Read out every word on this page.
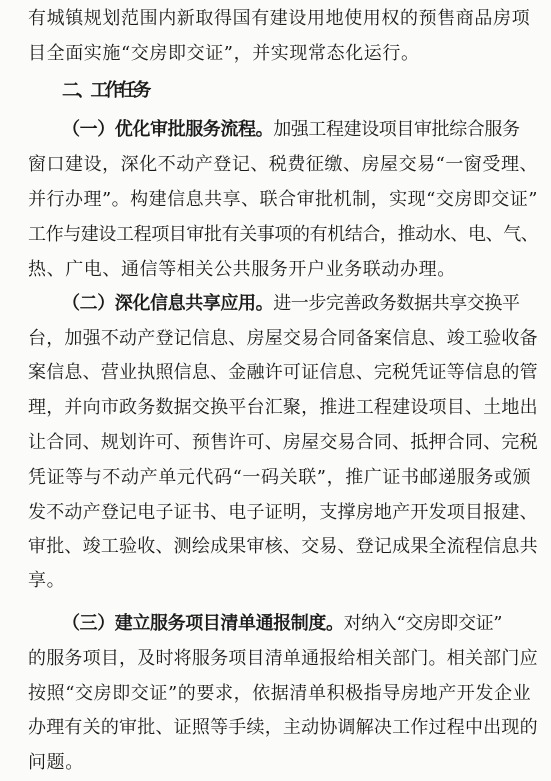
有城镇规划范围内新取得国有建设用地使用权的预售商品房项
目全面实施“交房即交证”，并实现常态化运行。
二、工作任务
（一）优化审批服务流程。加强工程建设项目审批综合服务
窗口建设，深化不动产登记、税费征缴、房屋交易“一窗受理、
并行办理”。构建信息共享、联合审批机制，实现“交房即交证”
工作与建设工程项目审批有关事项的有机结合，推动水、电、气、
热、广电、通信等相关公共服务开户业务联动办理。
（二）深化信息共享应用。进一步完善政务数据共享交换平
台，加强不动产登记信息、房屋交易合同备案信息、竣工验收备
案信息、营业执照信息、金融许可证信息、完税凭证等信息的管
理，并向市政务数据交换平台汇聚，推进工程建设项目、土地出
让合同、规划许可、预售许可、房屋交易合同、抵押合同、完税
凭证等与不动产单元代码“一码关联”，推广证书邮递服务或颁
发不动产登记电子证书、电子证明，支撑房地产开发项目报建、
审批、竣工验收、测绘成果审核、交易、登记成果全流程信息共
享。
（三）建立服务项目清单通报制度。对纳入“交房即交证”
的服务项目，及时将服务项目清单通报给相关部门。相关部门应
按照“交房即交证”的要求，依据清单积极指导房地产开发企业
办理有关的审批、证照等手续，主动协调解决工作过程中出现的
问题。
